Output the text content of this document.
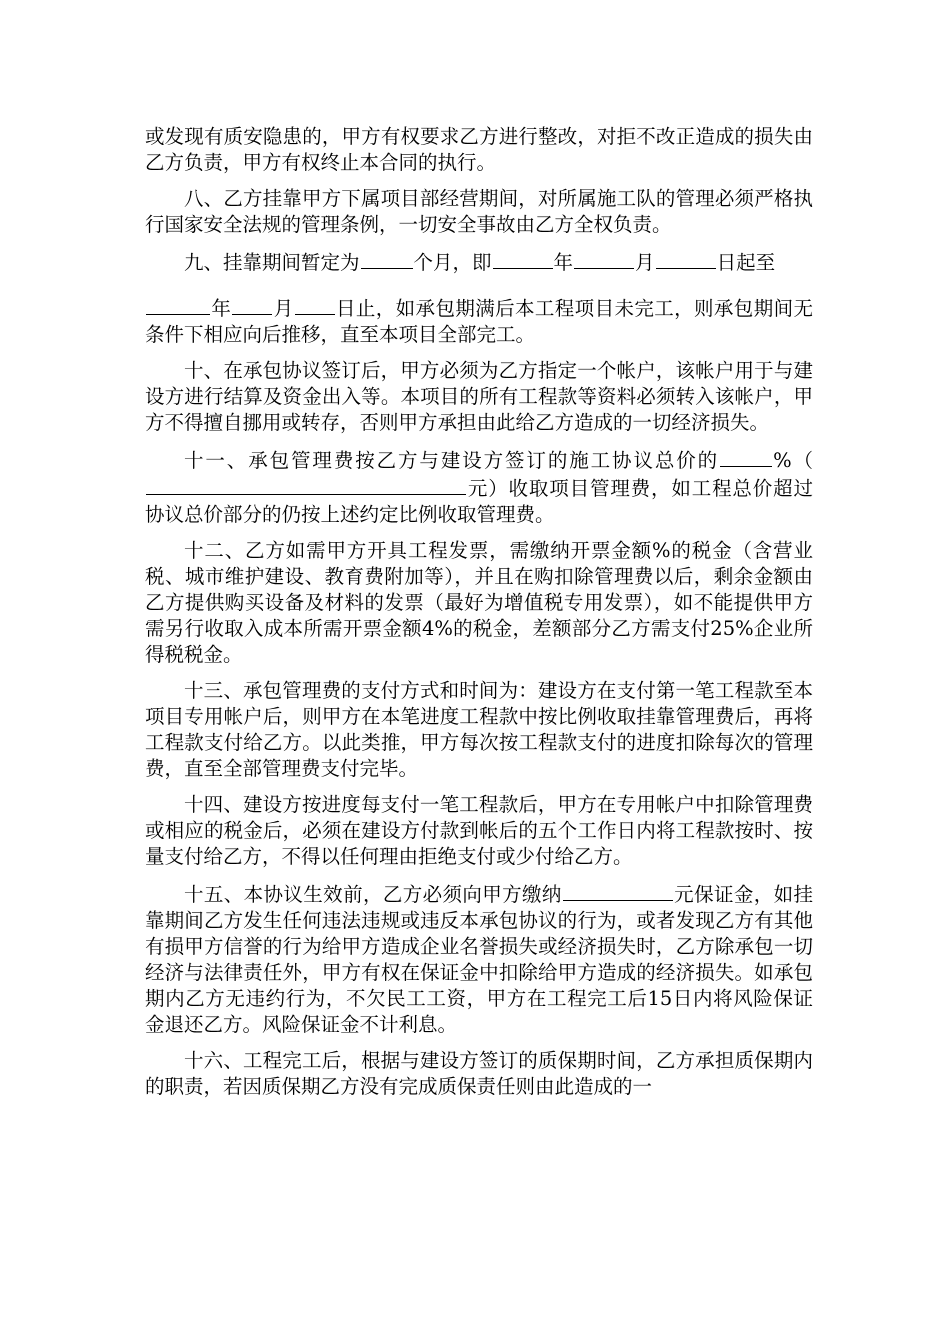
或发现有质安隐患的，甲方有权要求乙方进行整改，对拒不改正造成的损失由乙方负责，甲方有权终止本合同的执行。

八、乙方挂靠甲方下属项目部经营期间，对所属施工队的管理必须严格执行国家安全法规的管理条例，一切安全事故由乙方全权负责。

九、挂靠期间暂定为	个月，即	年	月	日起至

年 月 日止，如承包期满后本工程项目未完工，则承包期间无条件下相应向后推移，直至本项目全部完工。

十、在承包协议签订后，甲方必须为乙方指定一个帐户，该帐户用于与建设方进行结算及资金出入等。本项目的所有工程款等资料必须转入该帐户，甲方不得擅自挪用或转存，否则甲方承担由此给乙方造成的一切经济损失。

十一、承包管理费按乙方与建设方签订的施工协议总价的	%（元）收取项目管理费，如工程总价超过协议总价部分的仍按上述约定比例收取管理费。

十二、乙方如需甲方开具工程发票，需缴纳开票金额%的税金（含营业税、城市维护建设、教育费附加等），并且在购扣除管理费以后，剩余金额由乙方提供购买设备及材料的发票（最好为增值税专用发票），如不能提供甲方需另行收取入成本所需开票金额4%的税金，差额部分乙方需支付25%企业所得税税金。

十三、承包管理费的支付方式和时间为：建设方在支付第一笔工程款至本项目专用帐户后，则甲方在本笔进度工程款中按比例收取挂靠管理费后，再将工程款支付给乙方。以此类推，甲方每次按工程款支付的进度扣除每次的管理费，直至全部管理费支付完毕。

十四、建设方按进度每支付一笔工程款后，甲方在专用帐户中扣除管理费或相应的税金后，必须在建设方付款到帐后的五个工作日内将工程款按时、按量支付给乙方，不得以任何理由拒绝支付或少付给乙方。

十五、本协议生效前，乙方必须向甲方缴纳	元保证金，如挂靠期间乙方发生任何违法违规或违反本承包协议的行为，或者发现乙方有其他有损甲方信誉的行为给甲方造成企业名誉损失或经济损失时，乙方除承包一切经济与法律责任外，甲方有权在保证金中扣除给甲方造成的经济损失。如承包期内乙方无违约行为，不欠民工工资，甲方在工程完工后15日内将风险保证金退还乙方。风险保证金不计利息。

十六、工程完工后，根据与建设方签订的质保期时间，乙方承担质保期内的职责，若因质保期乙方没有完成质保责任则由此造成的一
